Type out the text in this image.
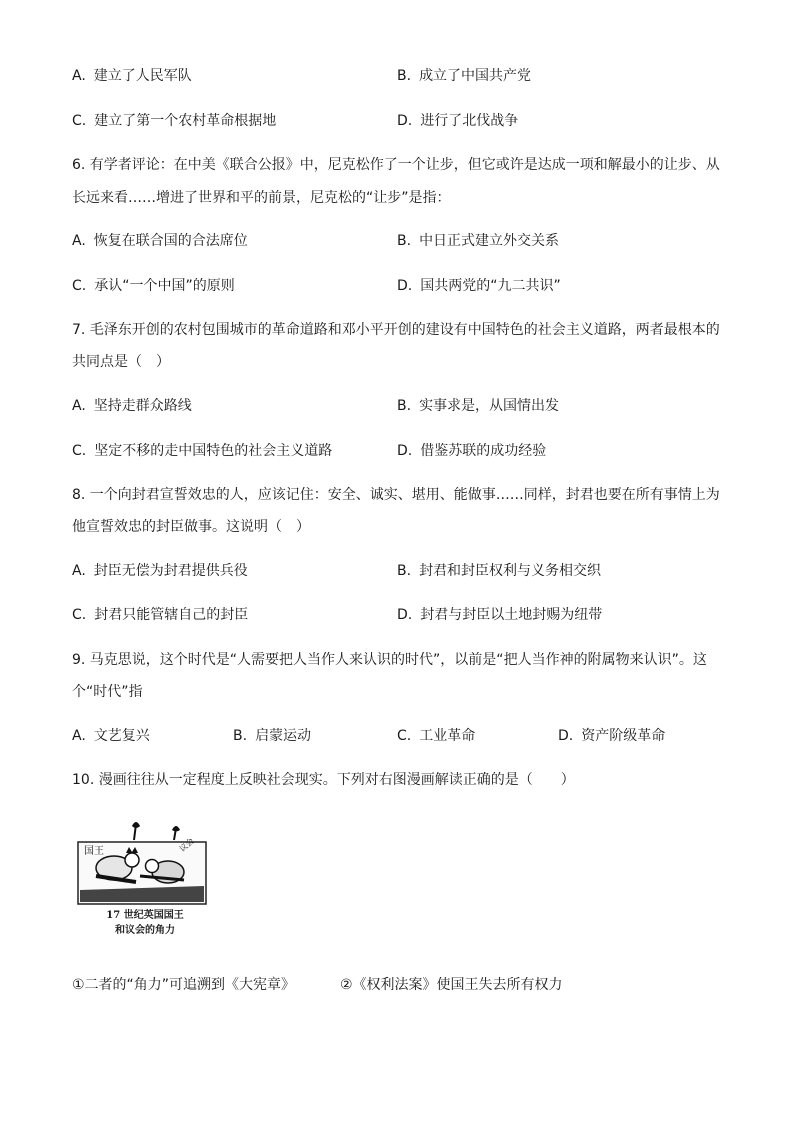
A. 建立了人民军队	B. 成立了中国共产党
C. 建立了第一个农村革命根据地	D. 进行了北伐战争
6. 有学者评论：在中美《联合公报》中，尼克松作了一个让步，但它或许是达成一项和解最小的让步、从
长远来看……增进了世界和平的前景，尼克松的“让步”是指：
A. 恢复在联合国的合法席位	B. 中日正式建立外交关系
C. 承认“一个中国”的原则	D. 国共两党的“九二共识”
7. 毛泽东开创的农村包围城市的革命道路和邓小平开创的建设有中国特色的社会主义道路，两者最根本的
共同点是（　）
A. 坚持走群众路线	B. 实事求是，从国情出发
C. 坚定不移的走中国特色的社会主义道路	D. 借鉴苏联的成功经验
8. 一个向封君宣誓效忠的人，应该记住：安全、诚实、堪用、能做事……同样，封君也要在所有事情上为
他宣誓效忠的封臣做事。这说明（　）
A. 封臣无偿为封君提供兵役	B. 封君和封臣权利与义务相交织
C. 封君只能管辖自己的封臣	D. 封君与封臣以土地封赐为纽带
9. 马克思说，这个时代是“人需要把人当作人来认识的时代”，以前是“把人当作神的附属物来认识”。这
个“时代”指
A. 文艺复兴	B. 启蒙运动	C. 工业革命	D. 资产阶级革命
10. 漫画往往从一定程度上反映社会现实。下列对右图漫画解读正确的是（　　）
国王	议会
17 世纪英国国王
和议会的角力
①二者的“角力”可追溯到《大宪章》	②《权利法案》使国王失去所有权力
